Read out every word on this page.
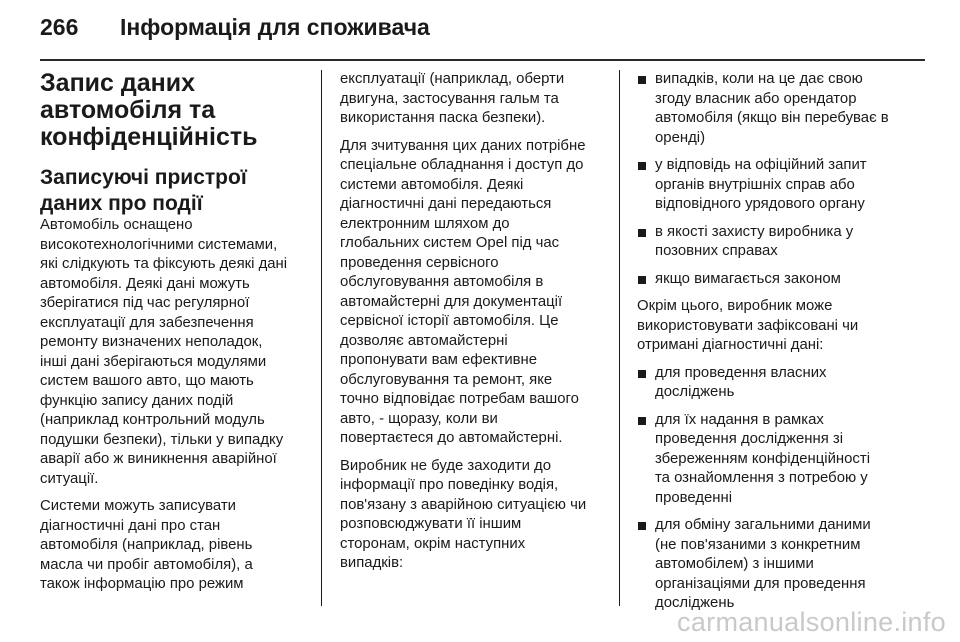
266 Інформація для споживача
Запис даних
автомобіля та
конфіденційність
Записуючі пристрої
даних про події

Автомобіль оснащено
високотехнологічними системами,
які слідкують та фіксують деякі дані
автомобіля. Деякі дані можуть
зберігатися під час регулярної
експлуатації для забезпечення
ремонту визначених неполадок,
інші дані зберігаються модулями
систем вашого авто, що мають
функцію запису даних подій
(наприклад контрольний модуль
подушки безпеки), тільки у випадку
аварії або ж виникнення аварійної
ситуації.

Системи можуть записувати
діагностичні дані про стан
автомобіля (наприклад, рівень
масла чи пробіг автомобіля), а
також інформацію про режим

експлуатації (наприклад, оберти
двигуна, застосування гальм та
використання паска безпеки).

Для зчитування цих даних потрібне
спеціальне обладнання і доступ до
системи автомобіля. Деякі
діагностичні дані передаються
електронним шляхом до
глобальних систем Opel під час
проведення сервісного
обслуговування автомобіля в
автомайстерні для документації
сервісної історії автомобіля. Це
дозволяє автомайстерні
пропонувати вам ефективне
обслуговування та ремонт, яке
точно відповідає потребам вашого
авто, - щоразу, коли ви
повертаєтеся до автомайстерні.

Виробник не буде заходити до
інформації про поведінку водія,
пов'язану з аварійною ситуацією чи
розповсюджувати її іншим
сторонам, окрім наступних
випадків:

випадків, коли на це дає свою
згоду власник або орендатор
автомобіля (якщо він перебуває в
оренді)
у відповідь на офіційний запит
органів внутрішніх справ або
відповідного урядового органу
в якості захисту виробника у
позовних справах
якщо вимагається законом

Окрім цього, виробник може
використовувати зафіксовані чи
отримані діагностичні дані:

для проведення власних
досліджень
для їх надання в рамках
проведення дослідження зі
збереженням конфіденційності
та ознайомлення з потребою у
проведенні
для обміну загальними даними
(не пов'язаними з конкретним
автомобілем) з іншими
організаціями для проведення
досліджень
carmanualsonline.info
